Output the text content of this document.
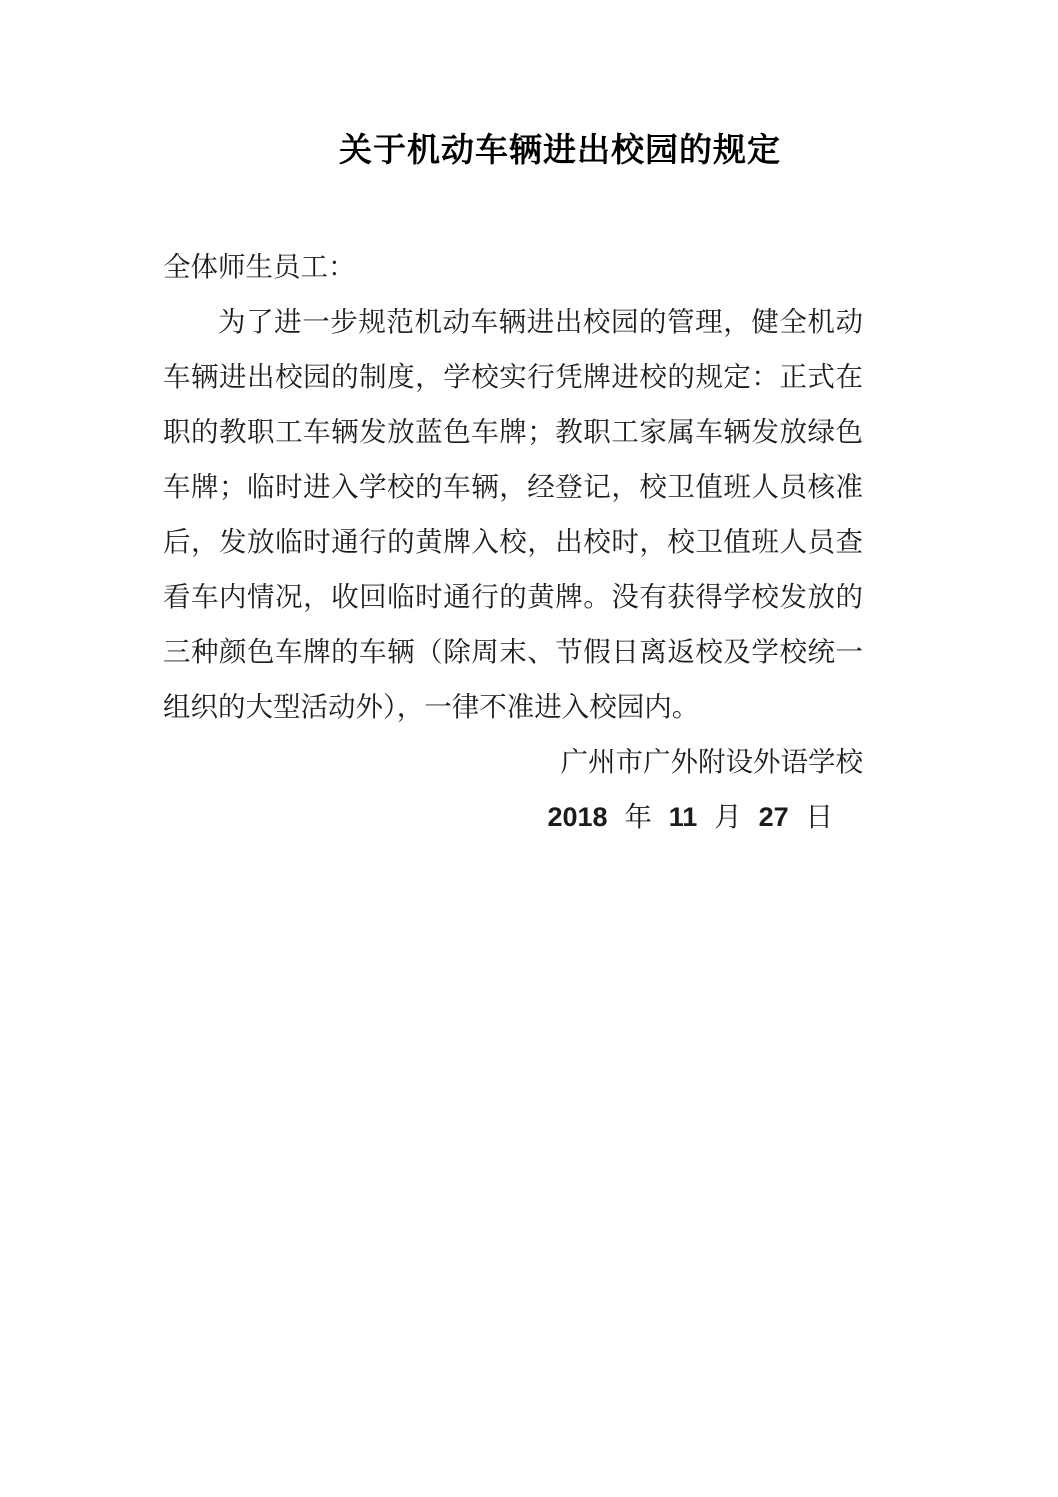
关于机动车辆进出校园的规定

全体师生员工：

为了进一步规范机动车辆进出校园的管理，健全机动车辆进出校园的制度，学校实行凭牌进校的规定：正式在职的教职工车辆发放蓝色车牌；教职工家属车辆发放绿色车牌；临时进入学校的车辆，经登记，校卫值班人员核准后，发放临时通行的黄牌入校，出校时，校卫值班人员查看车内情况，收回临时通行的黄牌。没有获得学校发放的三种颜色车牌的车辆（除周末、节假日离返校及学校统一组织的大型活动外），一律不准进入校园内。

广州市广外附设外语学校

2018 年 11 月 27 日
